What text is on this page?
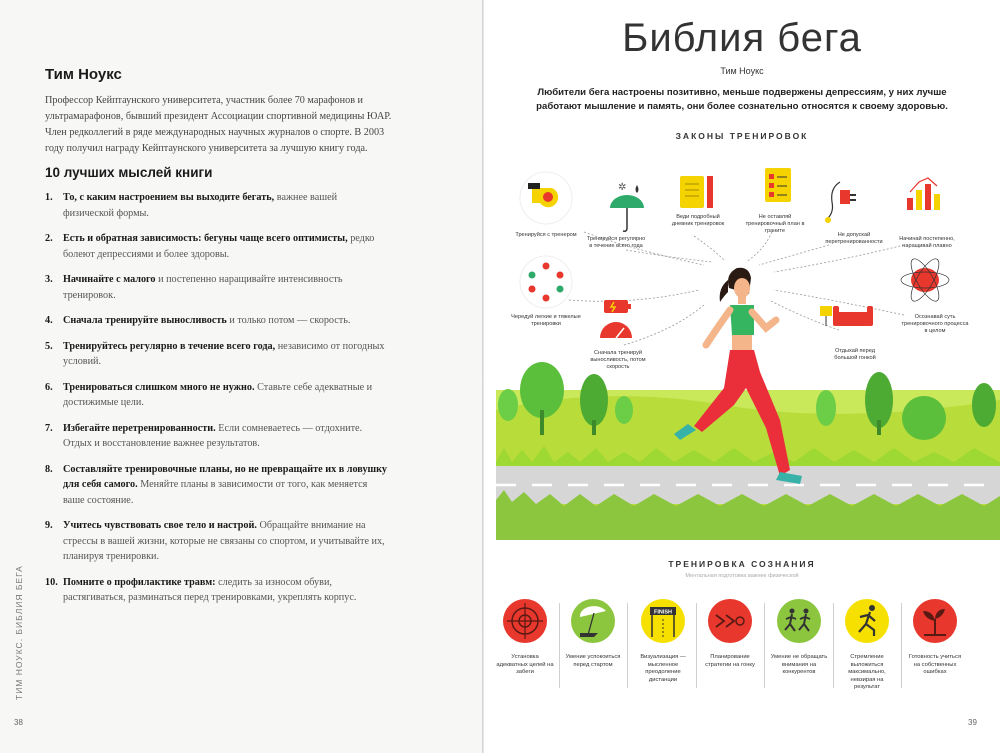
Тим Ноукс
Профессор Кейптаунского университета, участник более 70 марафонов и ультрамарафонов, бывший президент Ассоциации спортивной медицины ЮАР. Член редколлегий в ряде международных научных журналов о спорте. В 2003 году получил награду Кейптаунского университета за лучшую книгу года.
10 лучших мыслей книги
1.	То, с каким настроением вы выходите бегать, важнее вашей физической формы.
2.	Есть и обратная зависимость: бегуны чаще всего оптимисты, редко болеют депрессиями и более здоровы.
3.	Начинайте с малого и постепенно наращивайте интенсивность тренировок.
4.	Сначала тренируйте выносливость и только потом — скорость.
5.	Тренируйтесь регулярно в течение всего года, независимо от погодных условий.
6.	Тренироваться слишком много не нужно. Ставьте себе адекватные и достижимые цели.
7.	Избегайте перетренированности. Если сомневаетесь — отдохните. Отдых и восстановление важнее результатов.
8.	Составляйте тренировочные планы, но не превращайте их в ловушку для себя самого. Меняйте планы в зависимости от того, как меняется ваше состояние.
9.	Учитесь чувствовать свое тело и настрой. Обращайте внимание на стрессы в вашей жизни, которые не связаны со спортом, и учитывайте их, планируя тренировки.
10. Помните о профилактике травм: следить за износом обуви, растягиваться, разминаться перед тренировками, укреплять корпус.
ТИМ НОУКС. БИБЛИЯ БЕГА
38
Библия бега
Тим Ноукс
Любители бега настроены позитивно, меньше подвержены депрессиям, у них лучше работают мышление и память, они более сознательно относятся к своему здоровью.
ЗАКОНЫ ТРЕНИРОВОК
✲
Тренируйся с тренером
Тренируйся регулярно в течение всего года
Веди подробный дневник тренировок
Не оставляй тренировочный план в граните
Не допускай перетренированности	Начинай постепенно, наращивай плавно
Чередуй легкие и тяжелые тренировки
Сначала тренируй выносливость, потом скорость
Отдыхай перед большой гонкой
Осознавай суть тренировочного процесса в целом
ТРЕНИРОВКА СОЗНАНИЯ
Ментальная подготовка важнее физической
FINISH
Установка адекватных целей на забеги
Умение успокоиться перед стартом
Визуализация — мысленное преодоление дистанции
Планирование стратегии на гонку
Умение не обращать внимания на конкурентов
Стремление выложиться максимально, невзирая на результат
Готовность учиться на собственных ошибках
39
